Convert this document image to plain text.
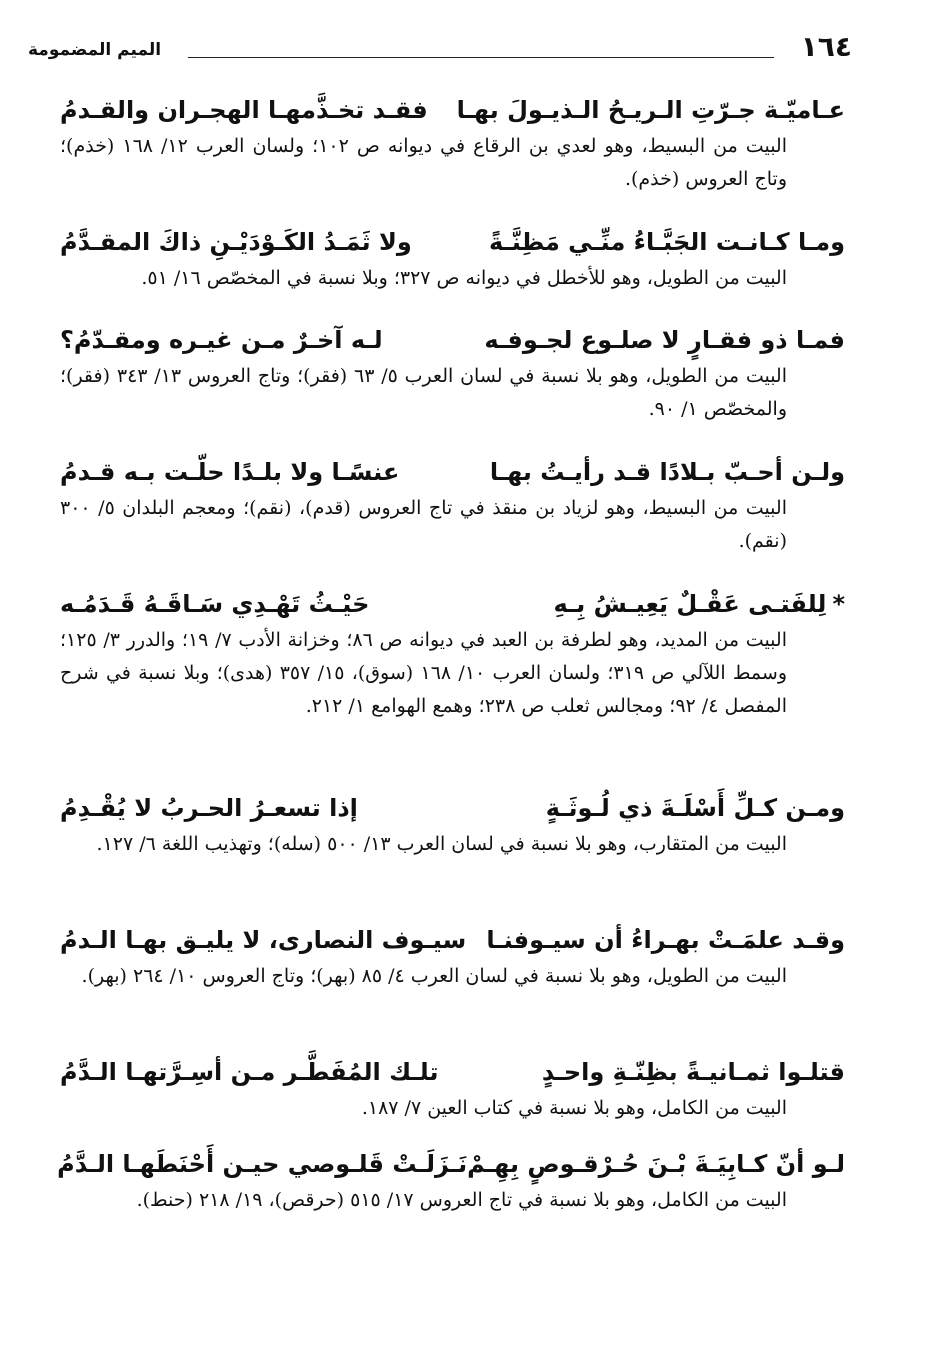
١٦٤
الميم المضمومة
عـاميّـة جـرّتِ الـريـحُ الـذيـولَ بهـا
فقـد تخـذَّمهـا الهجـران والقـدمُ

البيت من البسيط، وهو لعدي بن الرقاع في ديوانه ص ١٠٢؛ ولسان العرب ١٢/ ١٦٨ (خذم)؛ وتاج العروس (خذم).

ومـا كـانـت الجَبَّـاءُ منِّـي مَظِنَّـةً
ولا ثَمَـدُ الكَـوْدَيْـنِ ذاكَ المقـدَّمُ

البيت من الطويل، وهو للأخطل في ديوانه ص ٣٢٧؛ وبلا نسبة في المخصّص ١٦/ ٥١.

فمـا ذو فقـارٍ لا صلـوع لجـوفـه
لـه آخـرٌ مـن غيـره ومقـدّمُ؟

البيت من الطويل، وهو بلا نسبة في لسان العرب ٥/ ٦٣ (فقر)؛ وتاج العروس ١٣/ ٣٤٣ (فقر)؛ والمخصّص ١/ ٩٠.

ولـن أحـبّ بـلادًا قـد رأيـتُ بهـا
عنسًـا ولا بلـدًا حلّـت بـه قـدمُ

البيت من البسيط، وهو لزياد بن منقذ في تاج العروس (قدم)، (نقم)؛ ومعجم البلدان ٥/ ٣٠٠ (نقم).

*لِلفَتـى عَقْـلٌ يَعِيـشُ بِـهِ
حَيْـثُ تَهْـدِي سَـاقَـهُ قَـدَمُـه

البيت من المديد، وهو لطرفة بن العبد في ديوانه ص ٨٦؛ وخزانة الأدب ٧/ ١٩؛ والدرر ٣/ ١٢٥؛ وسمط اللآلي ص ٣١٩؛ ولسان العرب ١٠/ ١٦٨ (سوق)، ١٥/ ٣٥٧ (هدى)؛ وبلا نسبة في شرح المفصل ٤/ ٩٢؛ ومجالس ثعلب ص ٢٣٨؛ وهمع الهوامع ١/ ٢١٢.

ومـن كـلِّ أَسْلَـةَ ذي لُـوثَـةٍ
إذا تسعـرُ الحـربُ لا يُقْـدِمُ

البيت من المتقارب، وهو بلا نسبة في لسان العرب ١٣/ ٥٠٠ (سله)؛ وتهذيب اللغة ٦/ ١٢٧.

وقـد علمَـتْ بهـراءُ أن سيـوفنـا
سيـوف النصارى، لا يليـق بهـا الـدمُ

البيت من الطويل، وهو بلا نسبة في لسان العرب ٤/ ٨٥ (بهر)؛ وتاج العروس ١٠/ ٢٦٤ (بهر).

قتلـوا ثمـانيـةً بظِنّـةِ واحـدٍ
تلـك المُفَطَّـر مـن أسِـرَّتهـا الـدَّمُ

البيت من الكامل، وهو بلا نسبة في كتاب العين ٧/ ١٨٧.

لـو أنّ كـابِيَـةَ بْـنَ حُـرْقـوصٍ بِهِـمْ
نَـزَلَـتْ قَلـوصي حيـن أَحْنَطَهـا الـدَّمُ

البيت من الكامل، وهو بلا نسبة في تاج العروس ١٧/ ٥١٥ (حرقص)، ١٩/ ٢١٨ (حنط).
